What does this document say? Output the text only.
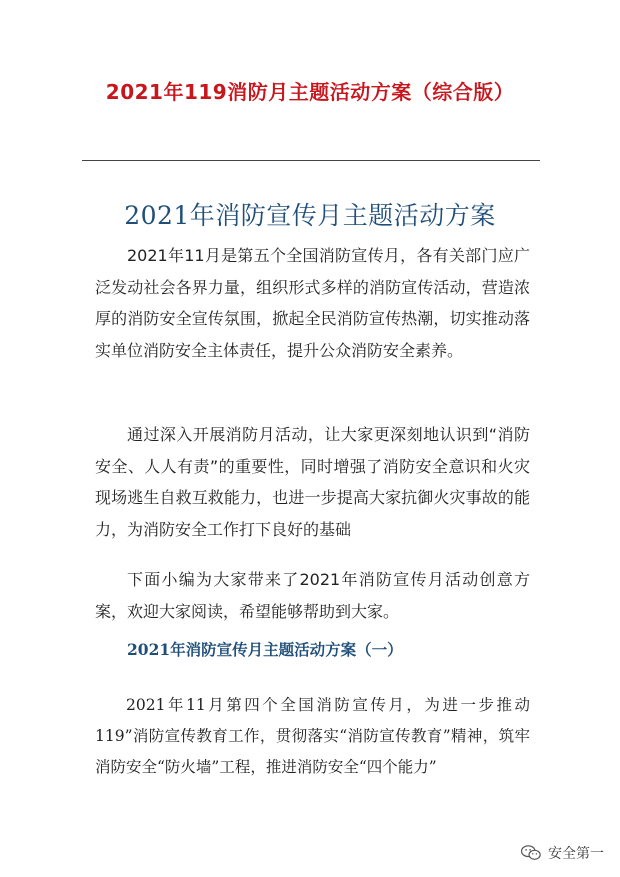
2021年119消防月主题活动方案（综合版）
2021年消防宣传月主题活动方案
2021年11月是第五个全国消防宣传月，各有关部门应广泛发动社会各界力量，组织形式多样的消防宣传活动，营造浓厚的消防安全宣传氛围，掀起全民消防宣传热潮，切实推动落实单位消防安全主体责任，提升公众消防安全素养。
通过深入开展消防月活动，让大家更深刻地认识到“消防安全、人人有责”的重要性，同时增强了消防安全意识和火灾现场逃生自救互救能力，也进一步提高大家抗御火灾事故的能力，为消防安全工作打下良好的基础
下面小编为大家带来了2021年消防宣传月活动创意方案，欢迎大家阅读，希望能够帮助到大家。
2021年消防宣传月主题活动方案（一）
2021年11月第四个全国消防宣传月，为进一步推动119”消防宣传教育工作，贯彻落实“消防宣传教育”精神，筑牢消防安全“防火墙”工程，推进消防安全“四个能力”
安全第一
